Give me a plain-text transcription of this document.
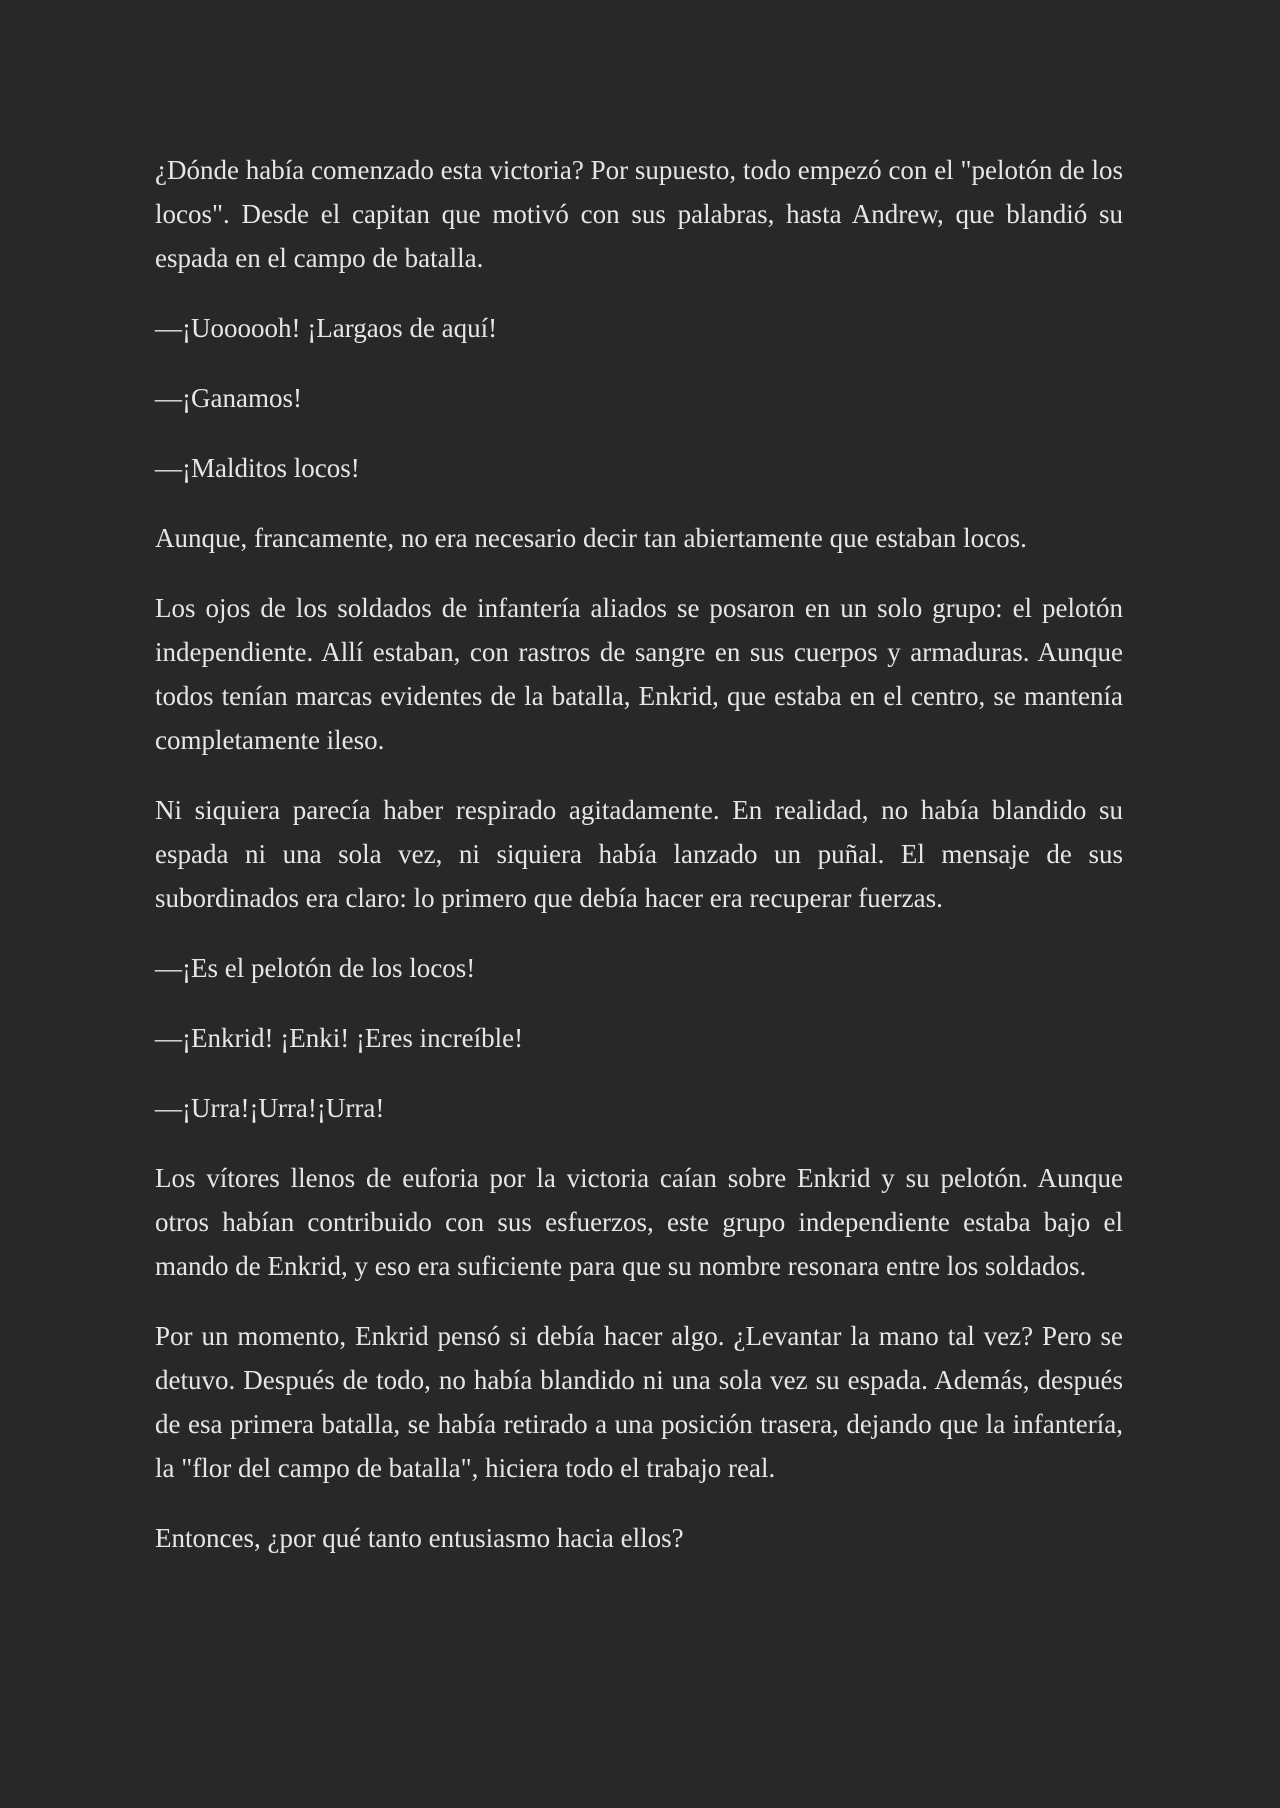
¿Dónde había comenzado esta victoria? Por supuesto, todo empezó con el "pelotón de los locos". Desde el capitan que motivó con sus palabras, hasta Andrew, que blandió su espada en el campo de batalla.

—¡Uoooooh! ¡Largaos de aquí!

—¡Ganamos!

—¡Malditos locos!

Aunque, francamente, no era necesario decir tan abiertamente que estaban locos.

Los ojos de los soldados de infantería aliados se posaron en un solo grupo: el pelotón independiente. Allí estaban, con rastros de sangre en sus cuerpos y armaduras. Aunque todos tenían marcas evidentes de la batalla, Enkrid, que estaba en el centro, se mantenía completamente ileso.

Ni siquiera parecía haber respirado agitadamente. En realidad, no había blandido su espada ni una sola vez, ni siquiera había lanzado un puñal. El mensaje de sus subordinados era claro: lo primero que debía hacer era recuperar fuerzas.

—¡Es el pelotón de los locos!

—¡Enkrid! ¡Enki! ¡Eres increíble!

—¡Urra!¡Urra!¡Urra!

Los vítores llenos de euforia por la victoria caían sobre Enkrid y su pelotón. Aunque otros habían contribuido con sus esfuerzos, este grupo independiente estaba bajo el mando de Enkrid, y eso era suficiente para que su nombre resonara entre los soldados.

Por un momento, Enkrid pensó si debía hacer algo. ¿Levantar la mano tal vez? Pero se detuvo. Después de todo, no había blandido ni una sola vez su espada. Además, después de esa primera batalla, se había retirado a una posición trasera, dejando que la infantería, la "flor del campo de batalla", hiciera todo el trabajo real.

Entonces, ¿por qué tanto entusiasmo hacia ellos?
